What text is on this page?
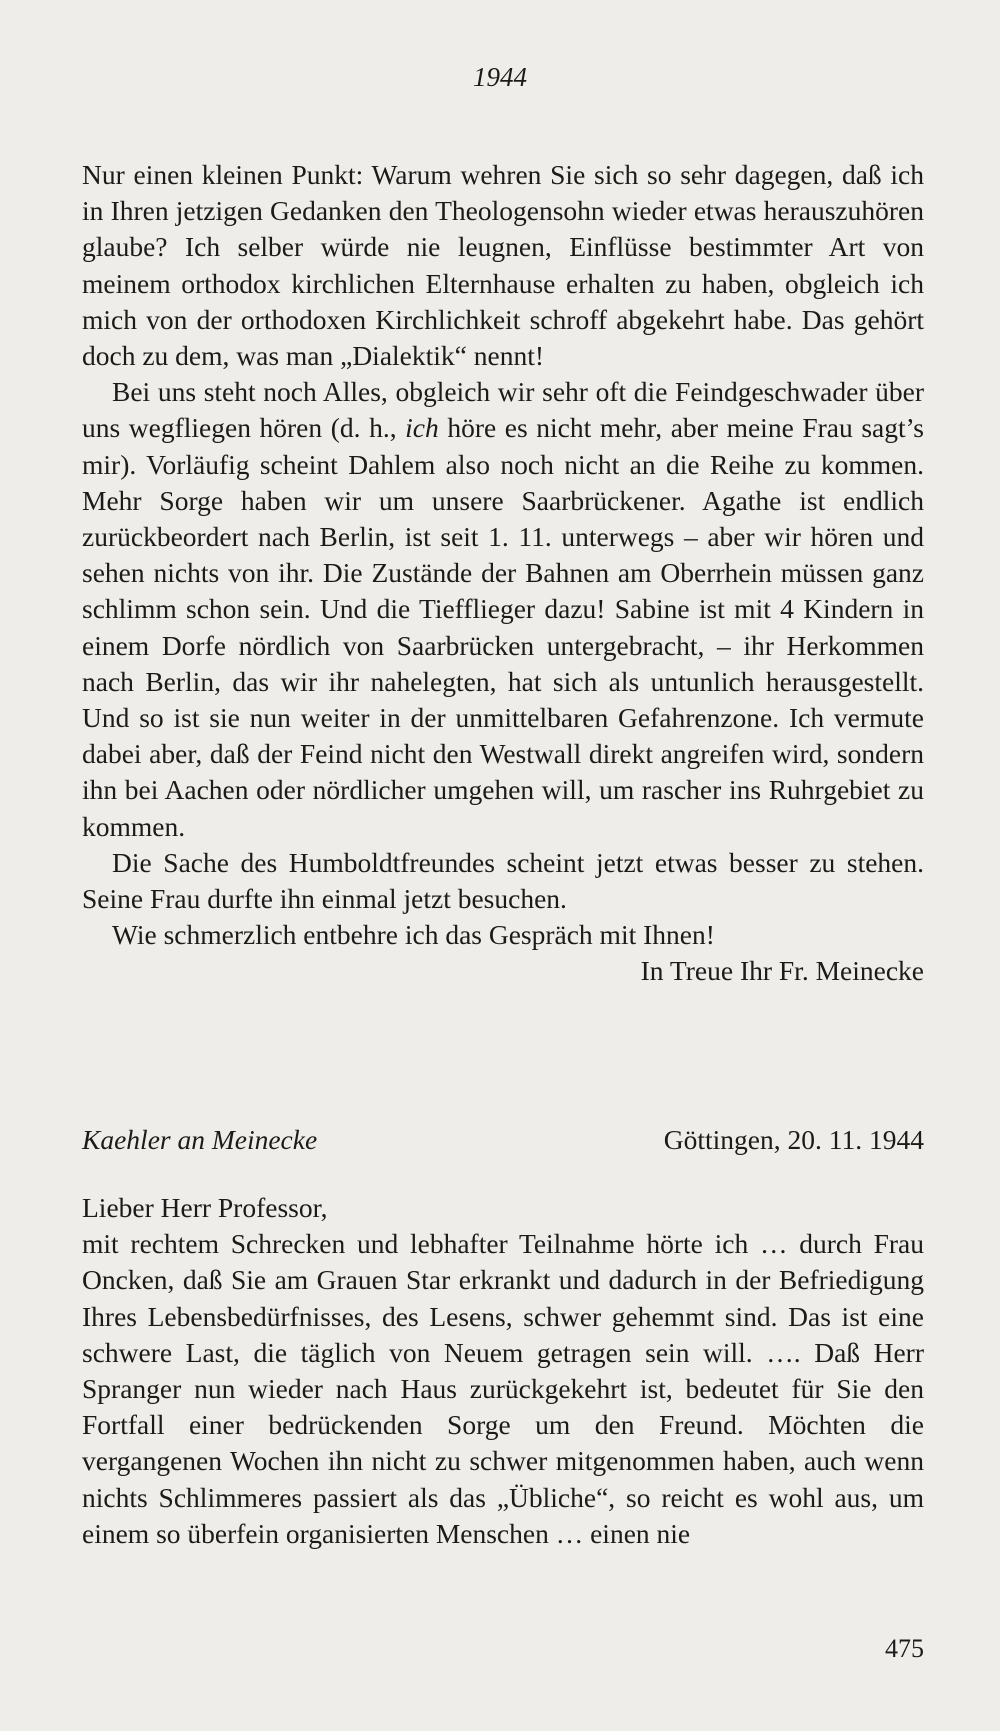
1944

Nur einen kleinen Punkt: Warum wehren Sie sich so sehr dagegen, daß ich in Ihren jetzigen Gedanken den Theologensohn wieder etwas herauszuhören glaube? Ich selber würde nie leugnen, Einflüsse bestimmter Art von meinem orthodox kirchlichen Elternhause erhalten zu haben, obgleich ich mich von der orthodoxen Kirchlichkeit schroff abgekehrt habe. Das gehört doch zu dem, was man „Dialektik“ nennt!

Bei uns steht noch Alles, obgleich wir sehr oft die Feindgeschwader über uns wegfliegen hören (d. h., ich höre es nicht mehr, aber meine Frau sagt’s mir). Vorläufig scheint Dahlem also noch nicht an die Reihe zu kommen. Mehr Sorge haben wir um unsere Saarbrückener. Agathe ist endlich zurückbeordert nach Berlin, ist seit 1. 11. unterwegs – aber wir hören und sehen nichts von ihr. Die Zustände der Bahnen am Oberrhein müssen ganz schlimm schon sein. Und die Tiefflieger dazu! Sabine ist mit 4 Kindern in einem Dorfe nördlich von Saarbrücken untergebracht, – ihr Herkommen nach Berlin, das wir ihr nahelegten, hat sich als untunlich herausgestellt. Und so ist sie nun weiter in der unmittelbaren Gefahrenzone. Ich vermute dabei aber, daß der Feind nicht den Westwall direkt angreifen wird, sondern ihn bei Aachen oder nördlicher umgehen will, um rascher ins Ruhrgebiet zu kommen.

Die Sache des Humboldtfreundes scheint jetzt etwas besser zu stehen. Seine Frau durfte ihn einmal jetzt besuchen.

Wie schmerzlich entbehre ich das Gespräch mit Ihnen!

In Treue Ihr Fr. Meinecke

Kaehler an Meinecke	Göttingen, 20. 11. 1944

Lieber Herr Professor,

mit rechtem Schrecken und lebhafter Teilnahme hörte ich … durch Frau Oncken, daß Sie am Grauen Star erkrankt und dadurch in der Befriedigung Ihres Lebensbedürfnisses, des Lesens, schwer gehemmt sind. Das ist eine schwere Last, die täglich von Neuem getragen sein will. …. Daß Herr Spranger nun wieder nach Haus zurückgekehrt ist, bedeutet für Sie den Fortfall einer bedrückenden Sorge um den Freund. Möchten die vergangenen Wochen ihn nicht zu schwer mitgenommen haben, auch wenn nichts Schlimmeres passiert als das „Übliche“, so reicht es wohl aus, um einem so überfein organisierten Menschen … einen nie

475
